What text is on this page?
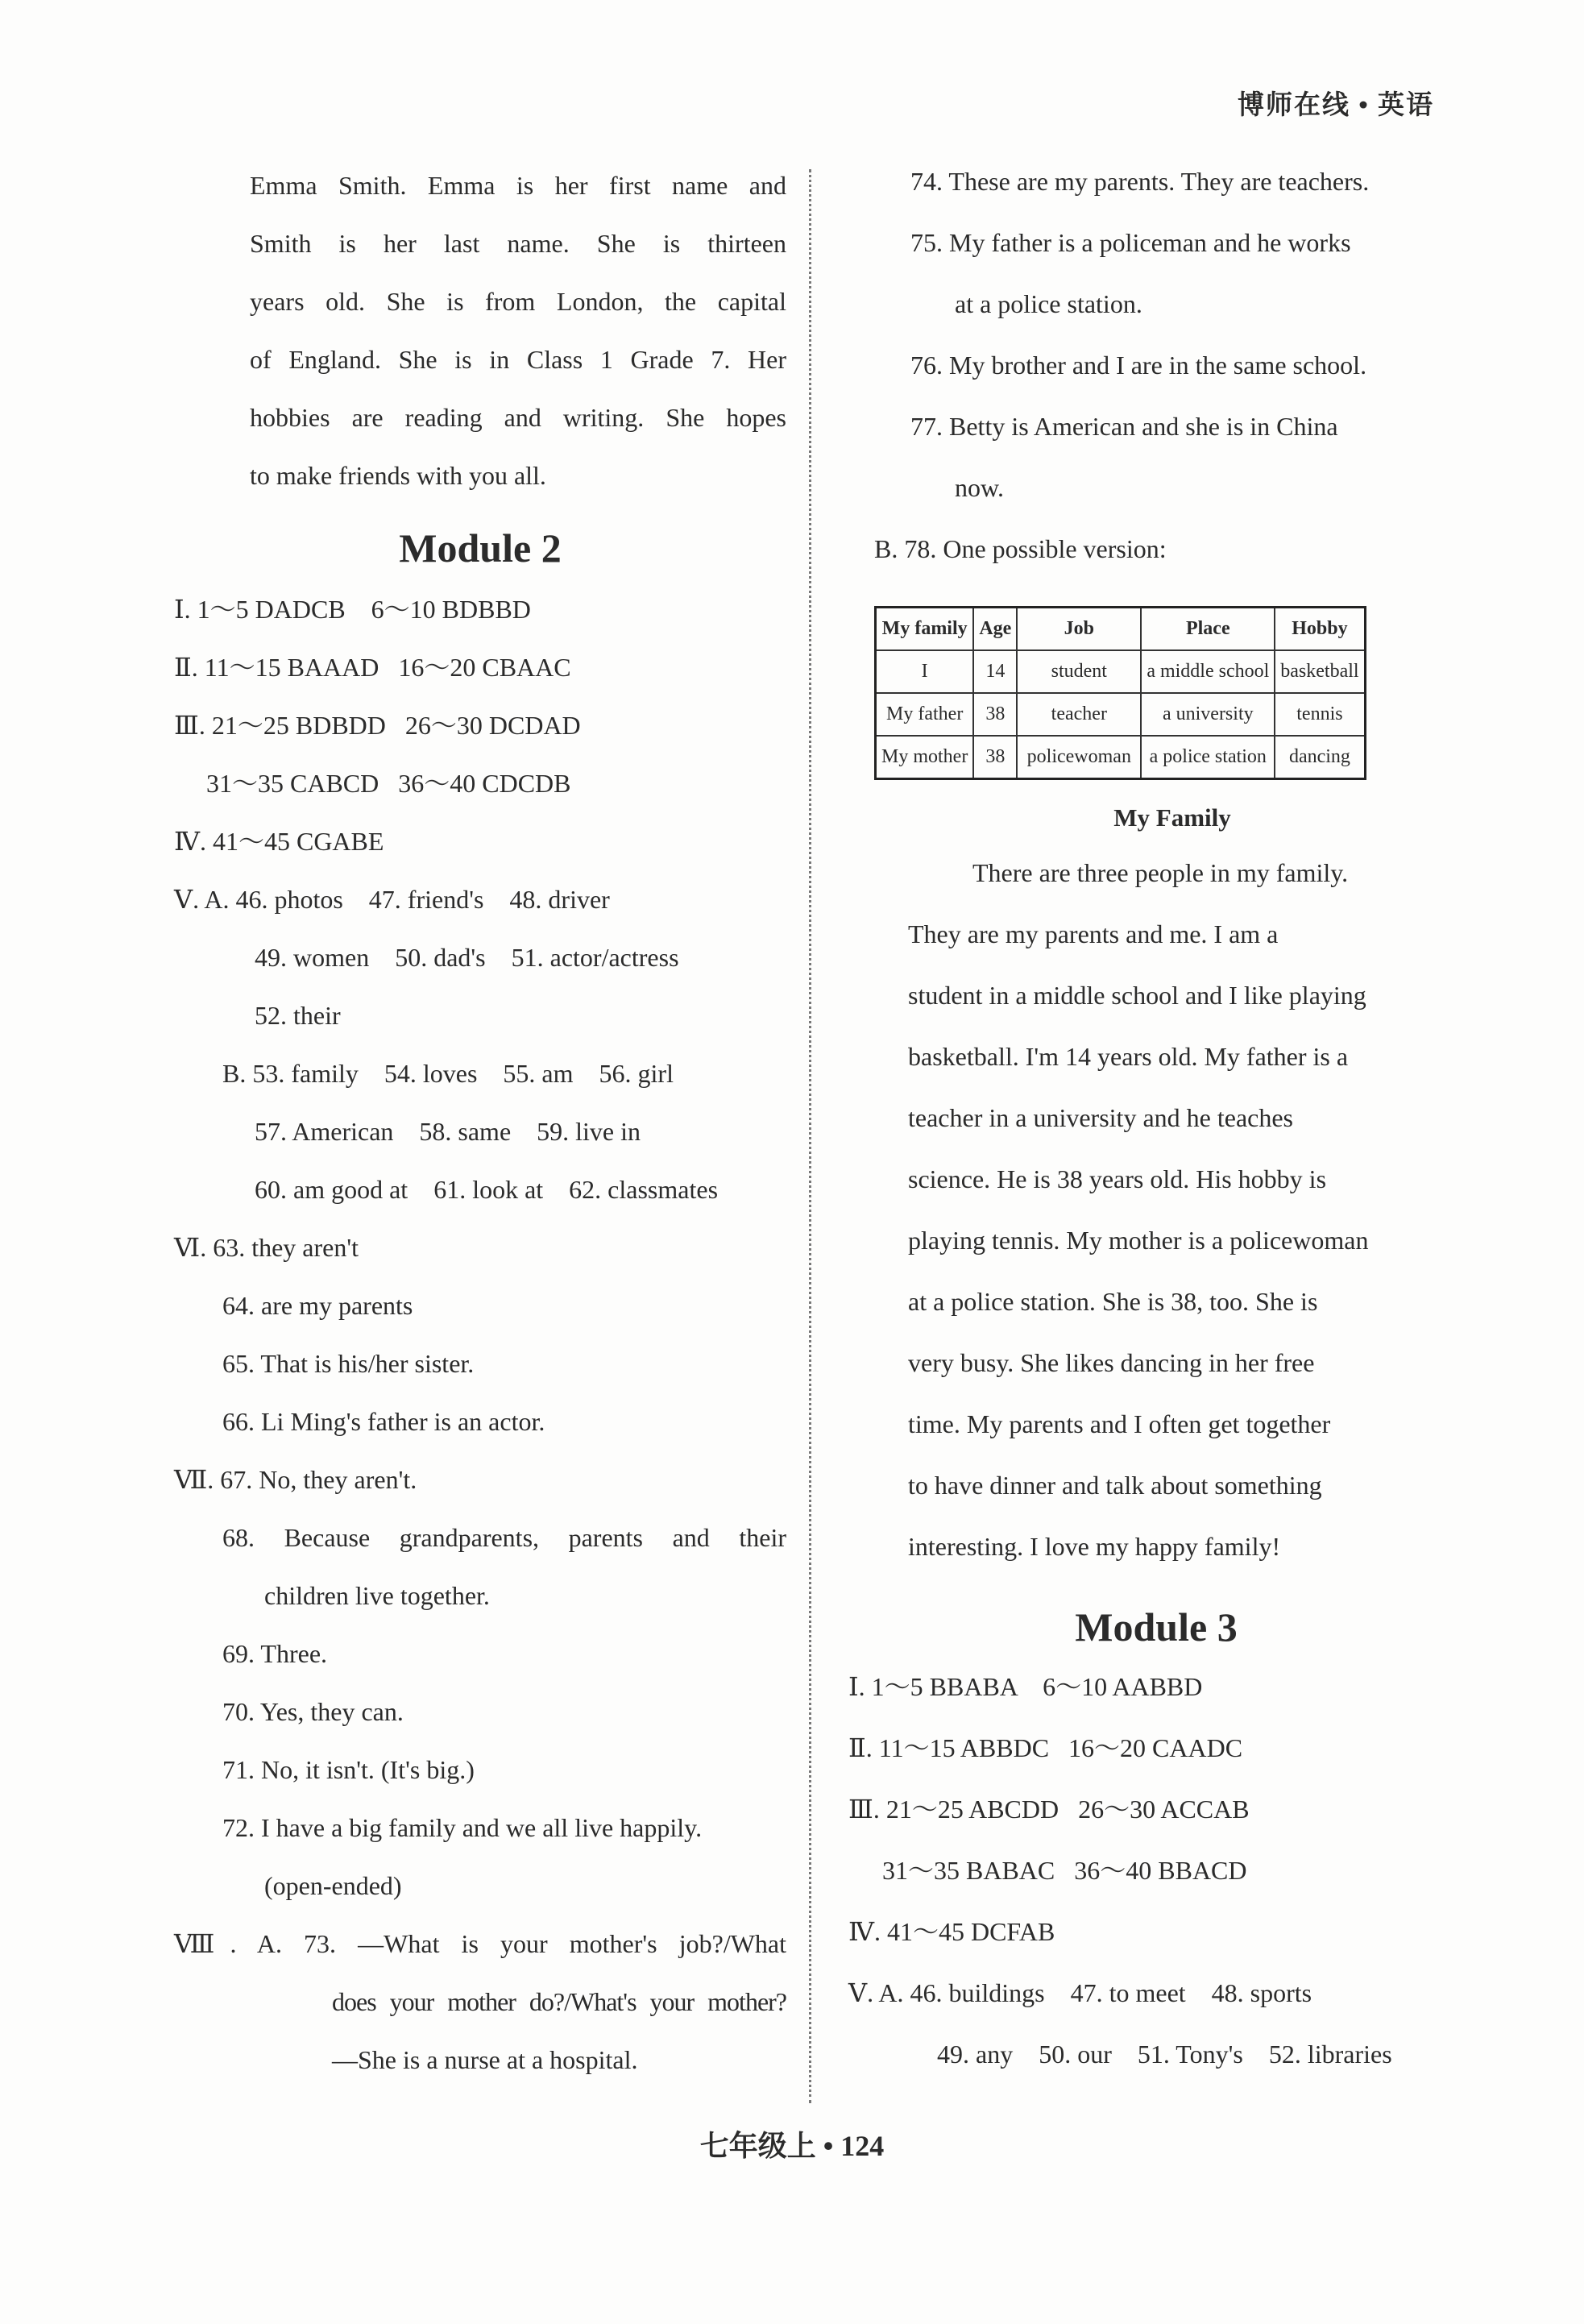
博师在线 • 英语
Emma Smith. Emma is her first name and
Smith is her last name. She is thirteen
years old. She is from London, the capital
of England. She is in Class 1 Grade 7. Her
hobbies are reading and writing. She hopes
to make friends with you all.
Module 2
Ⅰ. 1～5 DADCB    6～10 BDBBD
Ⅱ. 11～15 BAAAD   16～20 CBAAC
Ⅲ. 21～25 BDBDD   26～30 DCDAD
31～35 CABCD   36～40 CDCDB
Ⅳ. 41～45 CGABE
Ⅴ. A. 46. photos    47. friend's    48. driver
49. women    50. dad's    51. actor/actress
52. their
B. 53. family    54. loves    55. am    56. girl
57. American    58. same    59. live in
60. am good at    61. look at    62. classmates
Ⅵ. 63. they aren't
64. are my parents
65. That is his/her sister.
66. Li Ming's father is an actor.
Ⅶ. 67. No, they aren't.
68. Because grandparents, parents and their
children live together.
69. Three.
70. Yes, they can.
71. No, it isn't. (It's big.)
72. I have a big family and we all live happily.
(open-ended)
Ⅷ. A. 73. —What is your mother's job?/What
does your mother do?/What's your mother?
—She is a nurse at a hospital.
74. These are my parents. They are teachers.
75. My father is a policeman and he works
at a police station.
76. My brother and I are in the same school.
77. Betty is American and she is in China
now.
B. 78. One possible version:
My family	Age	Job	Place	Hobby
I	14	student	a middle school	basketball
My father	38	teacher	a university	tennis
My mother	38	policewoman	a police station	dancing
My Family
There are three people in my family.
They are my parents and me. I am a
student in a middle school and I like playing
basketball. I'm 14 years old. My father is a
teacher in a university and he teaches
science. He is 38 years old. His hobby is
playing tennis. My mother is a policewoman
at a police station. She is 38, too. She is
very busy. She likes dancing in her free
time. My parents and I often get together
to have dinner and talk about something
interesting. I love my happy family!
Module 3
Ⅰ. 1～5 BBABA    6～10 AABBD
Ⅱ. 11～15 ABBDC   16～20 CAADC
Ⅲ. 21～25 ABCDD   26～30 ACCAB
31～35 BABAC   36～40 BBACD
Ⅳ. 41～45 DCFAB
Ⅴ. A. 46. buildings    47. to meet    48. sports
49. any    50. our    51. Tony's    52. libraries
七年级上 • 124
